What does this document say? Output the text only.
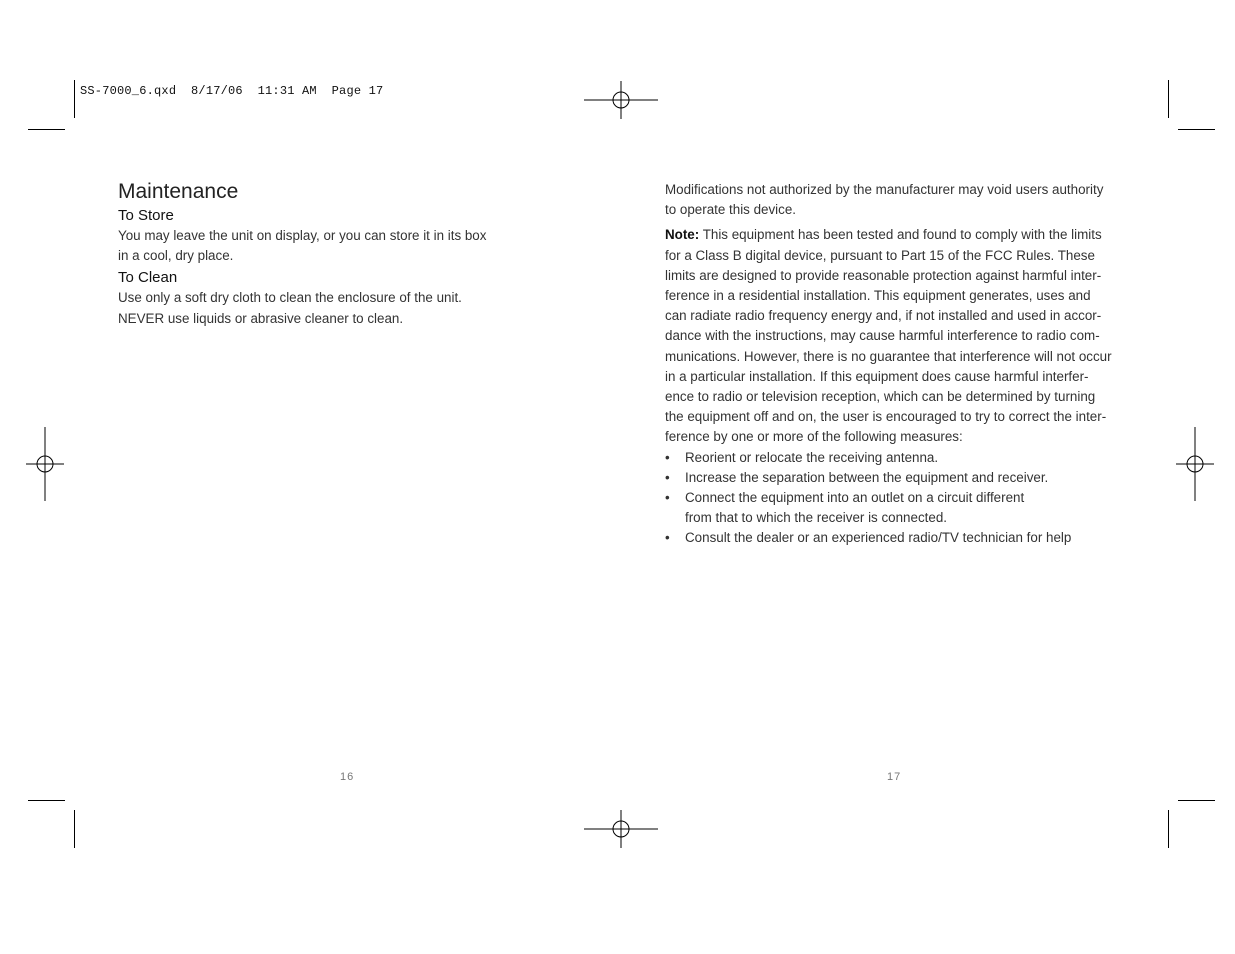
SS-7000_6.qxd  8/17/06  11:31 AM  Page 17
Maintenance
To Store

You may leave the unit on display, or you can store it in its box

in a cool, dry place.

To Clean

Use only a soft dry cloth to clean the enclosure of the unit.

NEVER use liquids or abrasive cleaner to clean.

16
Modifications not authorized by the manufacturer may void users authority
to operate this device.
Note: This equipment has been tested and found to comply with the limits
for a Class B digital device, pursuant to Part 15 of the FCC Rules. These
limits are designed to provide reasonable protection against harmful inter-
ference in a residential installation. This equipment generates, uses and
can radiate radio frequency energy and, if not installed and used in accor-
dance with the instructions, may cause harmful interference to radio com-
munications. However, there is no guarantee that interference will not occur
in a particular installation. If this equipment does cause harmful interfer-
ence to radio or television reception, which can be determined by turning
the equipment off and on, the user is encouraged to try to correct the inter-
ference by one or more of the following measures:
• Reorient or relocate the receiving antenna.
• Increase the separation between the equipment and receiver.
• Connect the equipment into an outlet on a circuit different
from that to which the receiver is connected.
• Consult the dealer or an experienced radio/TV technician for help
17
